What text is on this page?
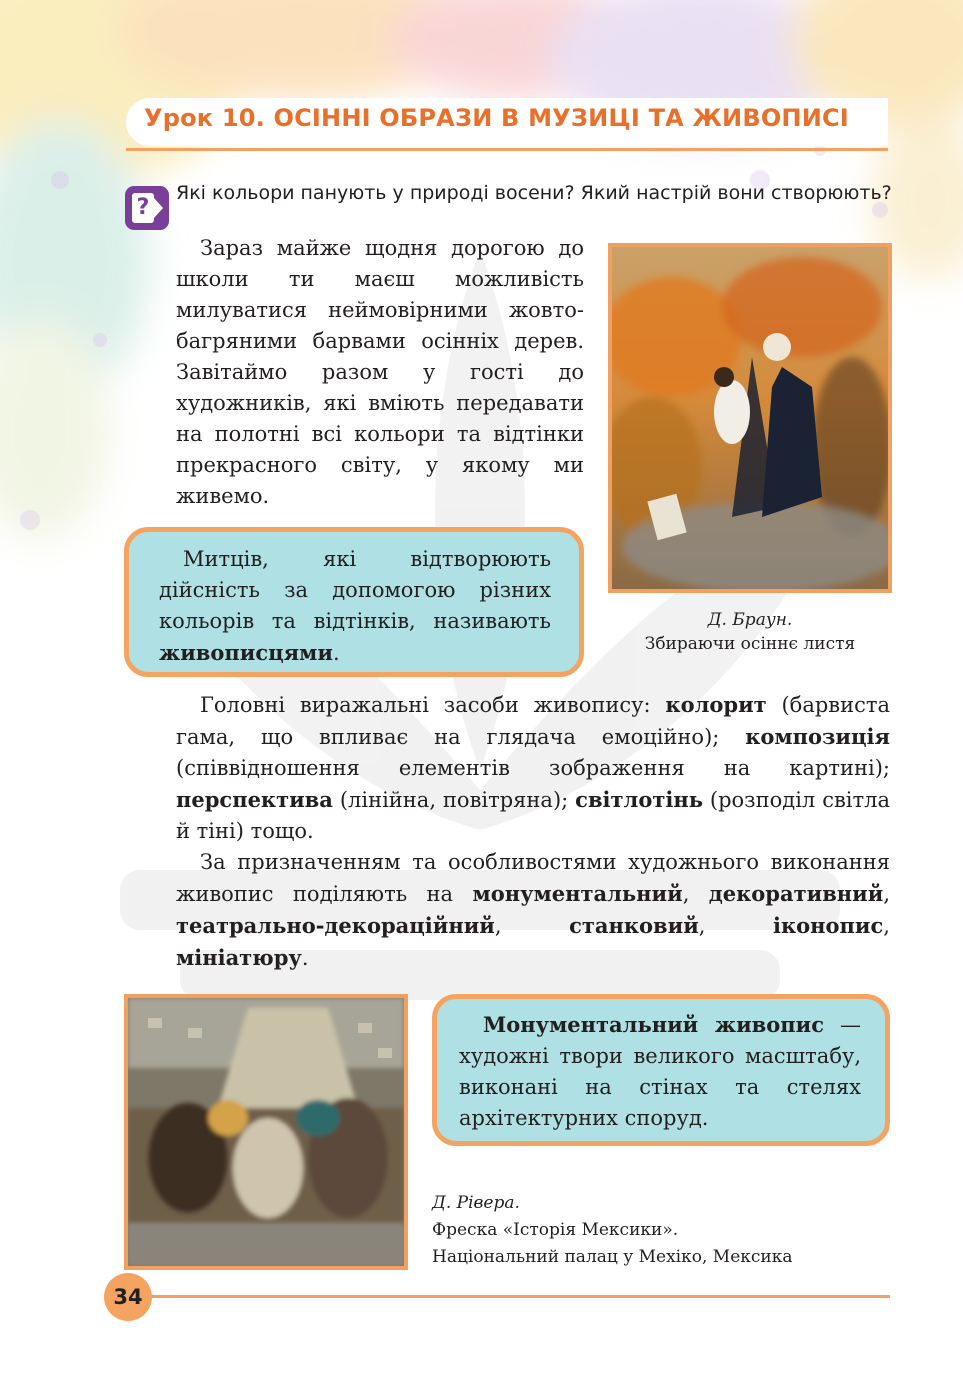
Урок 10. ОСІННІ ОБРАЗИ В МУЗИЦІ ТА ЖИВОПИСІ
?
Які кольори панують у природі восени? Який настрій вони створюють?

Зараз майже щодня дорогою до школи ти маєш можливість милуватися неймовірними жовто-багряними барвами осінніх дерев. Завітаймо разом у гості до художників, які вміють передавати на полотні всі кольори та відтінки прекрасного світу, у якому ми живемо.

Д. Браун.
Збираючи осіннє листя

Митців, які відтворюють дійсність за допомогою різних кольорів та відтінків, називають живописцями.

Головні виражальні засоби живопису: колорит (барвиста гама, що впливає на глядача емоційно); композиція (співвідношення елементів зображення на картині); перспектива (лінійна, повітряна); світлотінь (розподіл світла й тіні) тощо.

За призначенням та особливостями художнього виконання живопис поділяють на монументальний, декоративний, театрально-декораційний, станковий, іконопис, мініатюру.

Монументальний живопис — художні твори великого масштабу, виконані на стінах та стелях архітектурних споруд.

Д. Рівера.
Фреска «Історія Мексики».
Національний палац у Мехіко, Мексика
34
